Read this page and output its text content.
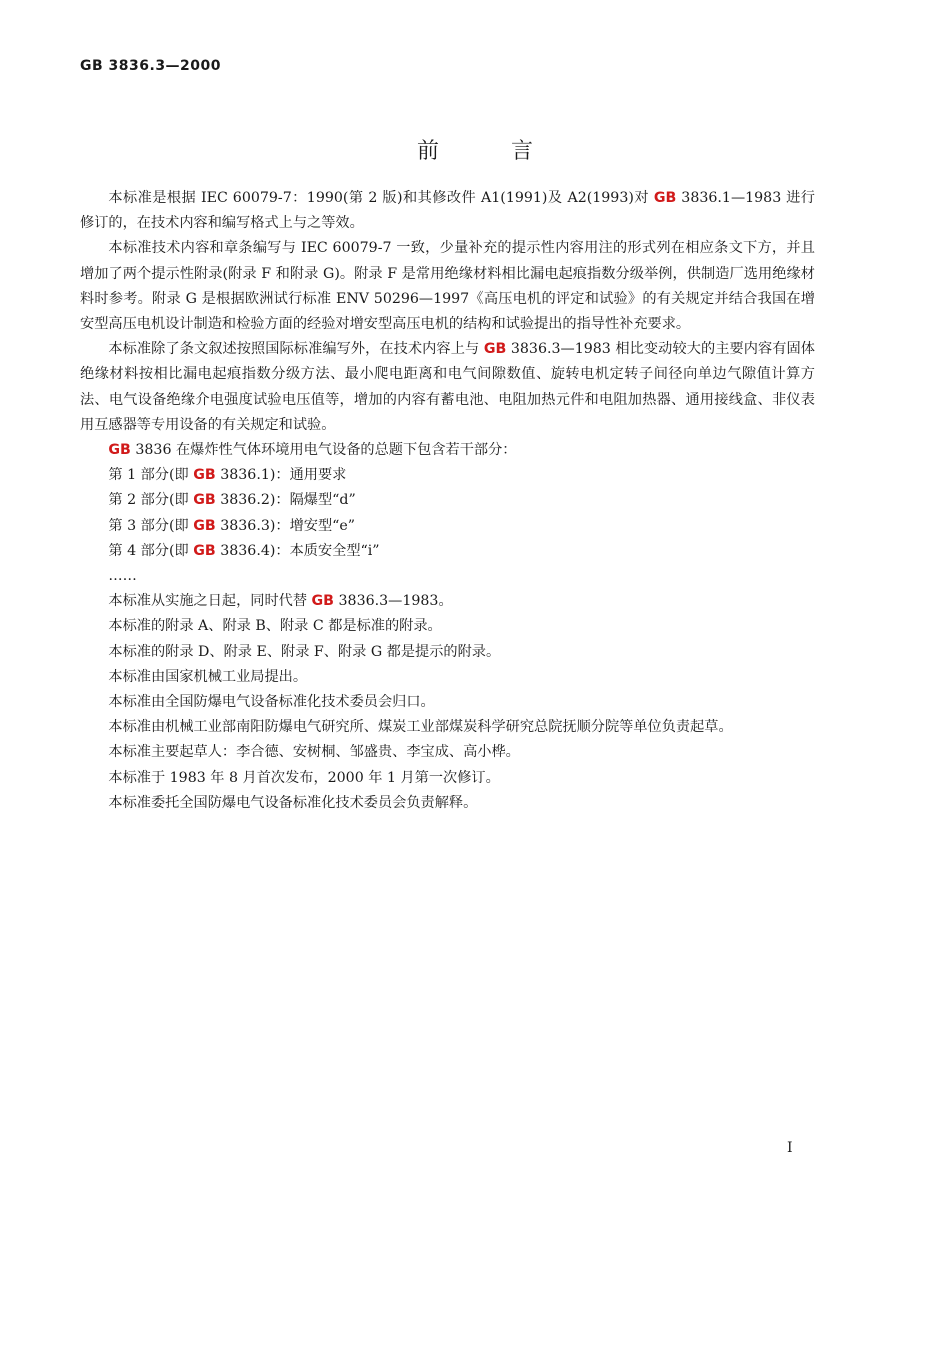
GB 3836.3—2000
前言

本标准是根据 IEC 60079-7：1990(第 2 版)和其修改件 A1(1991)及 A2(1993)对 GB 3836.1—1983 进行修订的，在技术内容和编写格式上与之等效。

本标准技术内容和章条编写与 IEC 60079-7 一致，少量补充的提示性内容用注的形式列在相应条文下方，并且增加了两个提示性附录(附录 F 和附录 G)。附录 F 是常用绝缘材料相比漏电起痕指数分级举例，供制造厂选用绝缘材料时参考。附录 G 是根据欧洲试行标准 ENV 50296—1997《高压电机的评定和试验》的有关规定并结合我国在增安型高压电机设计制造和检验方面的经验对增安型高压电机的结构和试验提出的指导性补充要求。

本标准除了条文叙述按照国际标准编写外，在技术内容上与 GB 3836.3—1983 相比变动较大的主要内容有固体绝缘材料按相比漏电起痕指数分级方法、最小爬电距离和电气间隙数值、旋转电机定转子间径向单边气隙值计算方法、电气设备绝缘介电强度试验电压值等，增加的内容有蓄电池、电阻加热元件和电阻加热器、通用接线盒、非仪表用互感器等专用设备的有关规定和试验。

GB 3836 在爆炸性气体环境用电气设备的总题下包含若干部分：

第 1 部分(即 GB 3836.1)：通用要求

第 2 部分(即 GB 3836.2)：隔爆型“d”

第 3 部分(即 GB 3836.3)：增安型“e”

第 4 部分(即 GB 3836.4)：本质安全型“i”

……

本标准从实施之日起，同时代替 GB 3836.3—1983。

本标准的附录 A、附录 B、附录 C 都是标准的附录。

本标准的附录 D、附录 E、附录 F、附录 G 都是提示的附录。

本标准由国家机械工业局提出。

本标准由全国防爆电气设备标准化技术委员会归口。

本标准由机械工业部南阳防爆电气研究所、煤炭工业部煤炭科学研究总院抚顺分院等单位负责起草。

本标准主要起草人：李合德、安树桐、邹盛贵、李宝成、高小桦。

本标准于 1983 年 8 月首次发布，2000 年 1 月第一次修订。

本标准委托全国防爆电气设备标准化技术委员会负责解释。

I
